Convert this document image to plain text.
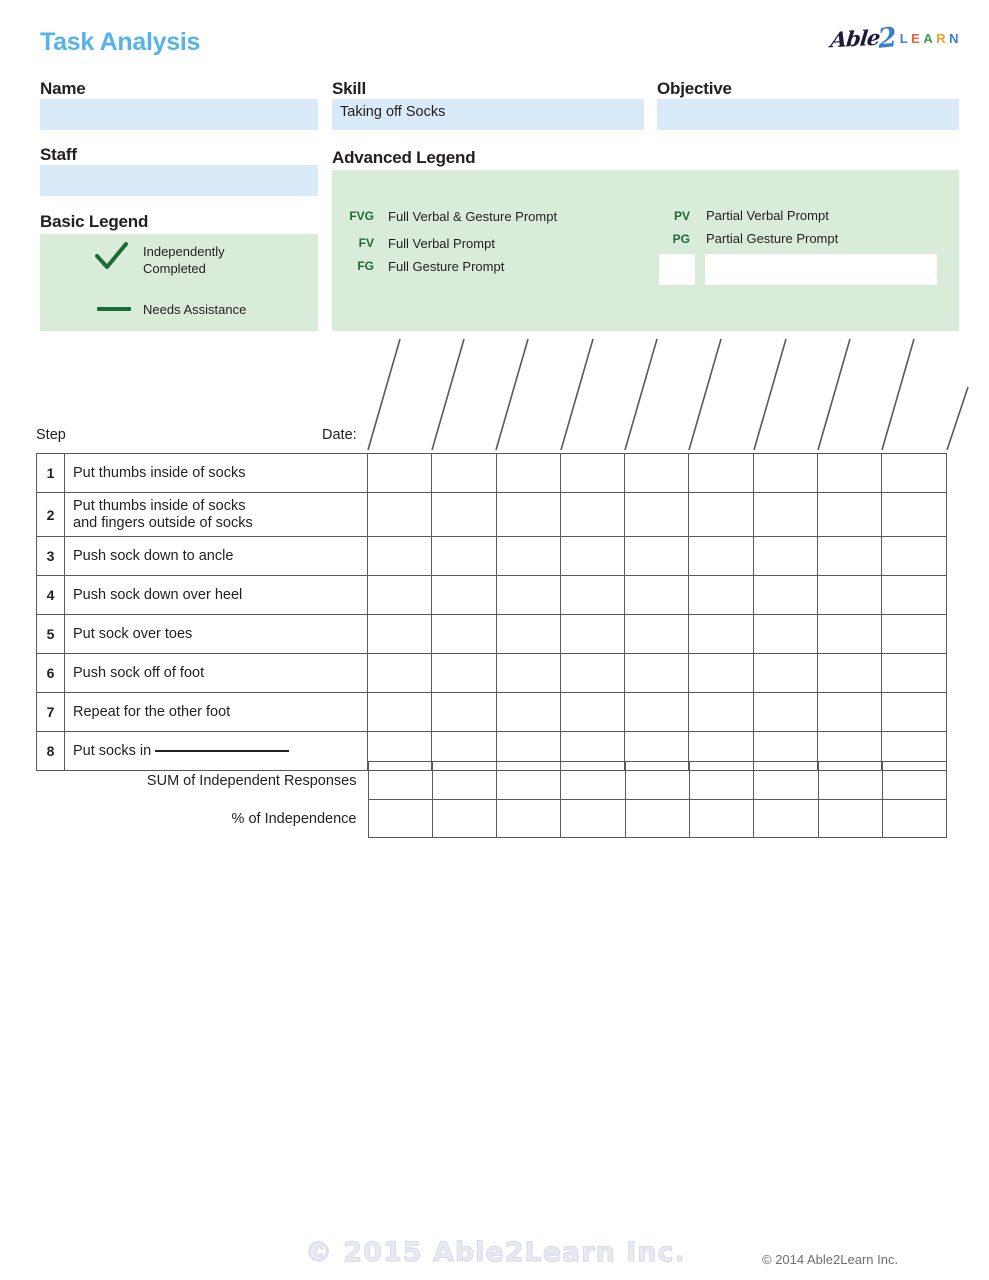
Task Analysis	Able
2 L E A R N
Name	Skill
Taking off Socks
Objective
Staff
Basic Legend
Independently
Completed
Needs Assistance
Advanced Legend
FVG Full Verbal & Gesture Prompt
FV Full Verbal Prompt
FG Full Gesture Prompt
PV Partial Verbal Prompt
PG Partial Gesture Prompt
Step	Date:
1	Put thumbs inside of socks									
2	Put thumbs inside of socks
and fingers outside of socks									

3	Push sock down to ancle									
4	Push sock down over heel									
5	Put sock over toes									
6	Push sock off of foot									
7	Repeat for the other foot									
8	Put socks in									
SUM of Independent Responses									
% of Independence									
© 2015 Able2Learn Inc.	© 2014 Able2Learn Inc.
